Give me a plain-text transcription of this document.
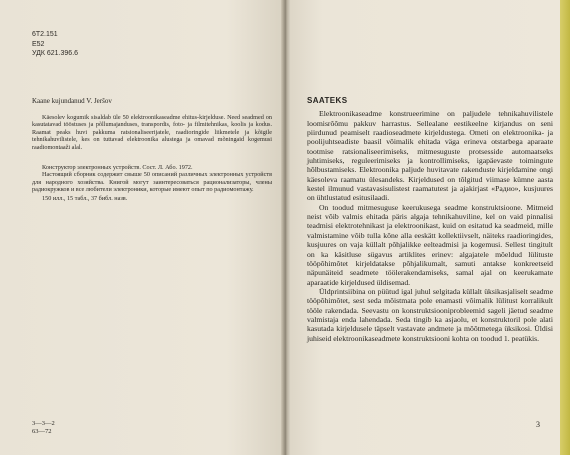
6T2.151
E52
УДК 621.396.6
Kaane kujundanud V. Jeršov

Käesolev kogumik sisaldab üle 50 elektroonikaseadme ehitus-kirjelduse. Need seadmed on kasutatavad tööstuses ja põllumajanduses, transpordis, foto- ja filmitehnikas, koolis ja kodus. Raamat peaks huvi pakkuma ratsionaliseerijatele, raadioringide liikmetele ja kõigile tehnikahuvilistele, kes on tuttavad elektroonika alustega ja omavad mõningaid kogemusi raadiomontaaži alal.

Конструктор электронных устройств. Сост. Л. Або. 1972.

Настоящий сборник содержит свыше 50 описаний различных электронных устройств для народного хозяйства. Книгой могут заинтересоваться рационализаторы, члены радиокружков и все любители электроники, которые имеют опыт по радиомонтажу.

150 илл., 15 табл., 37 библ. назв.

3—3—2
63—72
SAATEKS

Elektroonikaseadme konstrueerimine on paljudele tehnikahuvilistele loomisrõõmu pakkuv harrastus. Sellealane eestikeelne kirjandus on seni piirdunud peamiselt raadioseadmete kirjeldustega. Ometi on elektroonika- ja poolijuhtseadiste baasil võimalik ehitada väga erineva otstarbega aparaate tootmise ratsionaliseerimiseks, mitmesuguste protsesside automaatseks juhtimiseks, reguleerimiseks ja kontrollimiseks, igapäevaste toimingute hõlbustamiseks. Elektroonika paljude huvitavate rakenduste kirjeldamine ongi käesoleva raamatu ülesandeks. Kirjeldused on tõlgitud viimase kümne aasta kestel ilmunud vastavasisulistest raamatutest ja ajakirjast «Радио», kusjuures on ühtlustatud esitusilaadi.

On toodud mitmesuguse keerukusega seadme konstruktsioone. Mitmeid neist võib valmis ehitada päris algaja tehnikahuviline, kel on vaid pinnalisi teadmisi elektrotehnikast ja elektroonikast, kuid on esitatud ka seadmeid, mille valmistamine võib tulla kõne alla eeskätt kollektiivselt, näiteks raadioringides, kusjuures on vaja küllalt põhjalikke eelteadmisi ja kogemusi. Sellest tingitult on ka käsitluse sügavus artiklites erinev: algajatele mõeldud lülituste tööpõhimõtet kirjeldatakse põhjalikumalt, samuti antakse konkreetseid näpunäiteid seadmete töölerakendamiseks, samal ajal on keerukamate aparaatide kirjeldused üldisemad.

Üldprintsiibina on püütud igal juhul selgitada küllalt üksikasjaliselt seadme tööpõhimõtet, sest seda mõistmata pole enamasti võimalik lülitust korralikult tööle rakendada. Seevastu on konstruktsiooniprobleemid sageli jäetud seadme valmistaja enda lahendada. Seda tingib ka asjaolu, et konstruktoril pole alati kasutada kirjeldusele täpselt vastavate andmete ja mõõtmetega üksikosi. Üldisi juhiseid elektroonikaseadmete konstruktsiooni kohta on toodud 1. peatükis.

3
